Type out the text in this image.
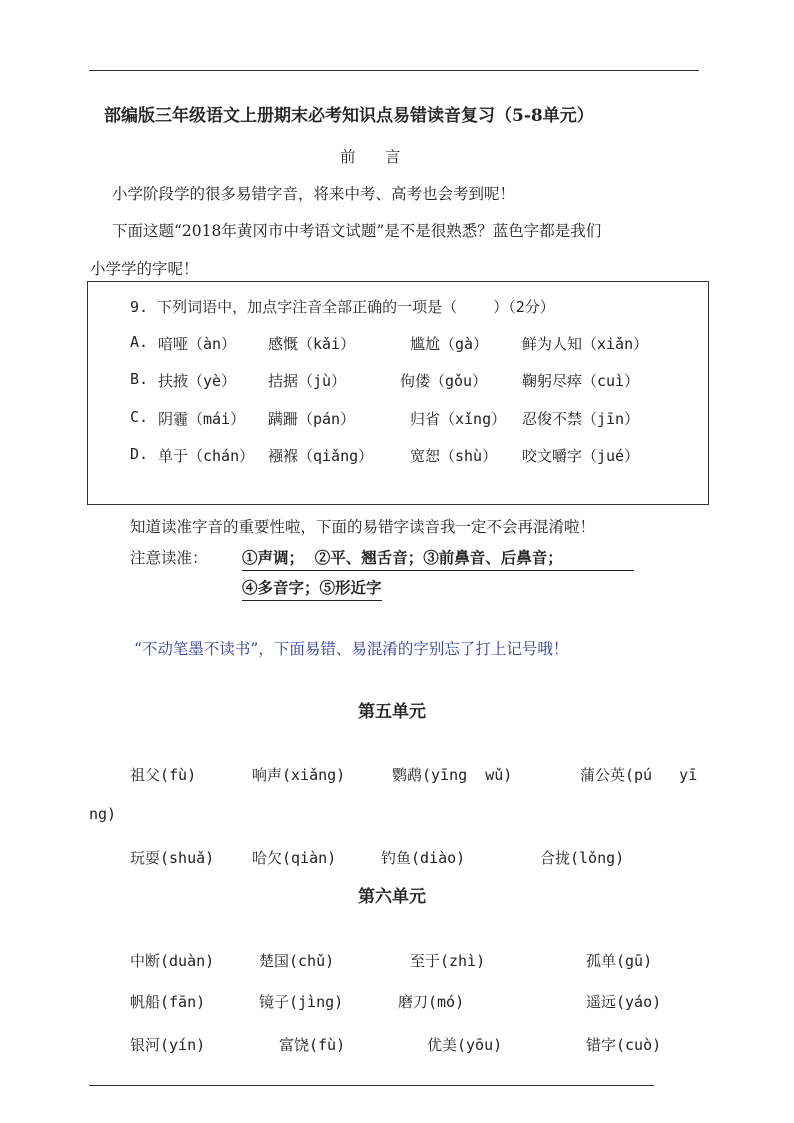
部编版三年级语文上册期末必考知识点易错读音复习（5-8单元）
前      言
小学阶段学的很多易错字音，将来中考、高考也会考到呢！
下面这题“2018年黄冈市中考语文试题”是不是很熟悉？蓝色字都是我们
小学学的字呢！
9. 下列词语中，加点字注音全部正确的一项是（    ）（2分）
A. 喑哑（àn） 感慨（kǎi）	尴尬（gà） 鲜为人知（xiǎn）
B. 扶掖（yè） 拮据（jù）	佝偻（gǒu） 鞠躬尽瘁（cuì）
C. 阴霾（mái） 蹒跚（pán）	归省（xǐng） 忍俊不禁（jīn）
D. 单于（chán） 襁褓（qiǎng） 宽恕（shù） 咬文嚼字（jué）
知道读准字音的重要性啦，下面的易错字读音我一定不会再混淆啦！
注意读准： ①声调；  ②平、翘舌音；③前鼻音、后鼻音；
④多音字；⑤形近字
“不动笔墨不读书”，下面易错、易混淆的字别忘了打上记号哦！
第五单元
祖父(fù)	响声(xiǎng)	鹦鹉(yīng  wǔ)	蒲公英(pú   yī
ng)
玩耍(shuǎ)	哈欠(qiàn)	钓鱼(diào)	合拢(lǒng)
第六单元
中断(duàn)	楚国(chǔ)	至于(zhì)	孤单(gū)
帆船(fān)	镜子(jìng)	磨刀(mó)	遥远(yáo)
银河(yín)	富饶(fù)	优美(yōu)	错字(cuò)
